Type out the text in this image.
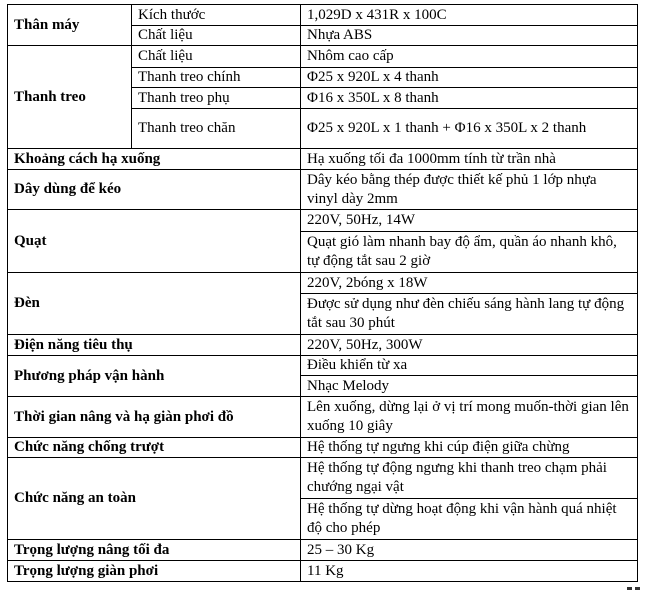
Thân máy	Kích thước	1,029D x 431R x 100C
	Chất liệu	Nhựa ABS
Thanh treo	Chất liệu	Nhôm cao cấp
	Thanh treo chính	Φ25 x 920L x 4 thanh
	Thanh treo phụ	Φ16 x 350L x 8 thanh
	Thanh treo chăn	Φ25 x 920L x 1 thanh + Φ16 x 350L x 2 thanh
Khoảng cách hạ xuống		Hạ xuống tối đa 1000mm tính từ trần nhà
Dây dùng để kéo		Dây kéo bằng thép được thiết kế phủ 1 lớp nhựa vinyl dày 2mm
Quạt		220V, 50Hz, 14W
		Quạt gió làm nhanh bay độ ẩm, quần áo nhanh khô, tự động tắt sau 2 giờ
Đèn		220V, 2bóng x 18W
		Được sử dụng như đèn chiếu sáng hành lang tự động tắt sau 30 phút
Điện năng tiêu thụ		220V, 50Hz, 300W
Phương pháp vận hành		Điều khiển từ xa
		Nhạc Melody
Thời gian nâng và hạ giàn phơi đồ		Lên xuống, dừng lại ở vị trí mong muốn-thời gian lên xuống 10 giây
Chức năng chống trượt		Hệ thống tự ngưng khi cúp điện giữa chừng
Chức năng an toàn		Hệ thống tự động ngưng khi thanh treo chạm phải chướng ngại vật
		Hệ thống tự dừng hoạt động khi vận hành quá nhiệt độ cho phép
Trọng lượng nâng tối đa		25 – 30 Kg
Trọng lượng giàn phơi		11 Kg
